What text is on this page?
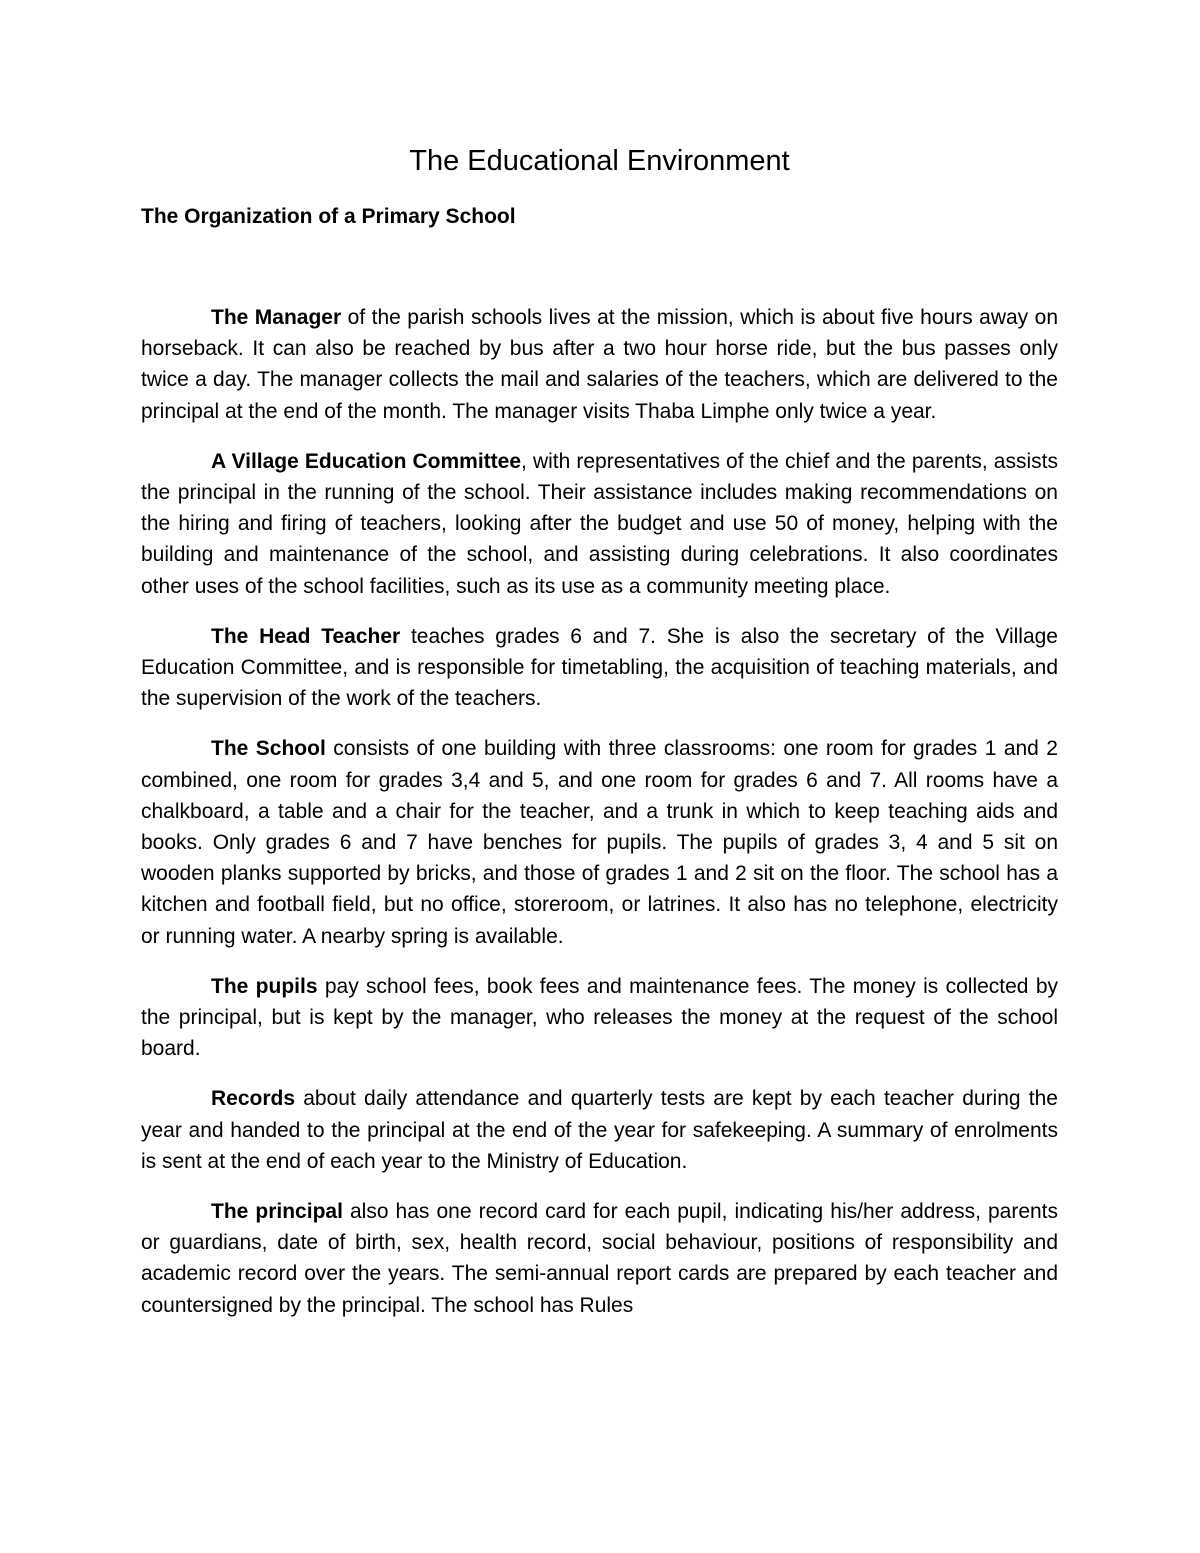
The Educational Environment
The Organization of a Primary School

The Manager of the parish schools lives at the mission, which is about five hours away on horseback. It can also be reached by bus after a two hour horse ride, but the bus passes only twice a day. The manager collects the mail and salaries of the teachers, which are delivered to the principal at the end of the month. The manager visits Thaba Limphe only twice a year.

A Village Education Committee, with representatives of the chief and the parents, assists the principal in the running of the school. Their assistance includes making recommendations on the hiring and firing of teachers, looking after the budget and use 50 of money, helping with the building and maintenance of the school, and assisting during celebrations. It also coordinates other uses of the school facilities, such as its use as a community meeting place.

The Head Teacher teaches grades 6 and 7. She is also the secretary of the Village Education Committee, and is responsible for timetabling, the acquisition of teaching materials, and the supervision of the work of the teachers.

The School consists of one building with three classrooms: one room for grades 1 and 2 combined, one room for grades 3,4 and 5, and one room for grades 6 and 7. All rooms have a chalkboard, a table and a chair for the teacher, and a trunk in which to keep teaching aids and books. Only grades 6 and 7 have benches for pupils. The pupils of grades 3, 4 and 5 sit on wooden planks supported by bricks, and those of grades 1 and 2 sit on the floor. The school has a kitchen and football field, but no office, storeroom, or latrines. It also has no telephone, electricity or running water. A nearby spring is available.

The pupils pay school fees, book fees and maintenance fees. The money is collected by the principal, but is kept by the manager, who releases the money at the request of the school board.

Records about daily attendance and quarterly tests are kept by each teacher during the year and handed to the principal at the end of the year for safekeeping. A summary of enrolments is sent at the end of each year to the Ministry of Education.

The principal also has one record card for each pupil, indicating his/her address, parents or guardians, date of birth, sex, health record, social behaviour, positions of responsibility and academic record over the years. The semi-annual report cards are prepared by each teacher and countersigned by the principal. The school has Rules
